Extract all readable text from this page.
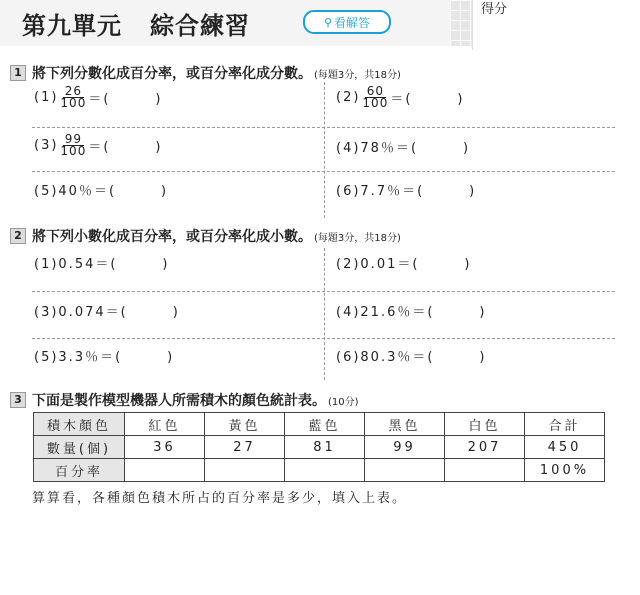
得分
第九單元 綜合練習	⚲ 看解答
1 將下列分數化成百分率，或百分率化成分數。 (每題3分，共18分)
$(1) \frac{26}{100}$ ＝(　　　)	$(2) \frac{60}{100}$ ＝(　　　)
$(3) \frac{99}{100}$ ＝(　　　)	(4)78％＝(　　　)
(5)40％＝(　　　)	(6)7.7％＝(　　　)
2 將下列小數化成百分率，或百分率化成小數。 (每題3分，共18分)
(1)0.54＝(　　　)	(2)0.01＝(　　　)
(3)0.074＝(　　　)	(4)21.6％＝(　　　)
(5)3.3％＝(　　　)	(6)80.3％＝(　　　)
3 下面是製作模型機器人所需積木的顏色統計表。 (10分)
積木顏色	紅色	黃色	藍色	黑色	白色	合計
數量(個)	36	27	81	99	207	450
百分率						100%
算算看，各種顏色積木所占的百分率是多少，填入上表。
